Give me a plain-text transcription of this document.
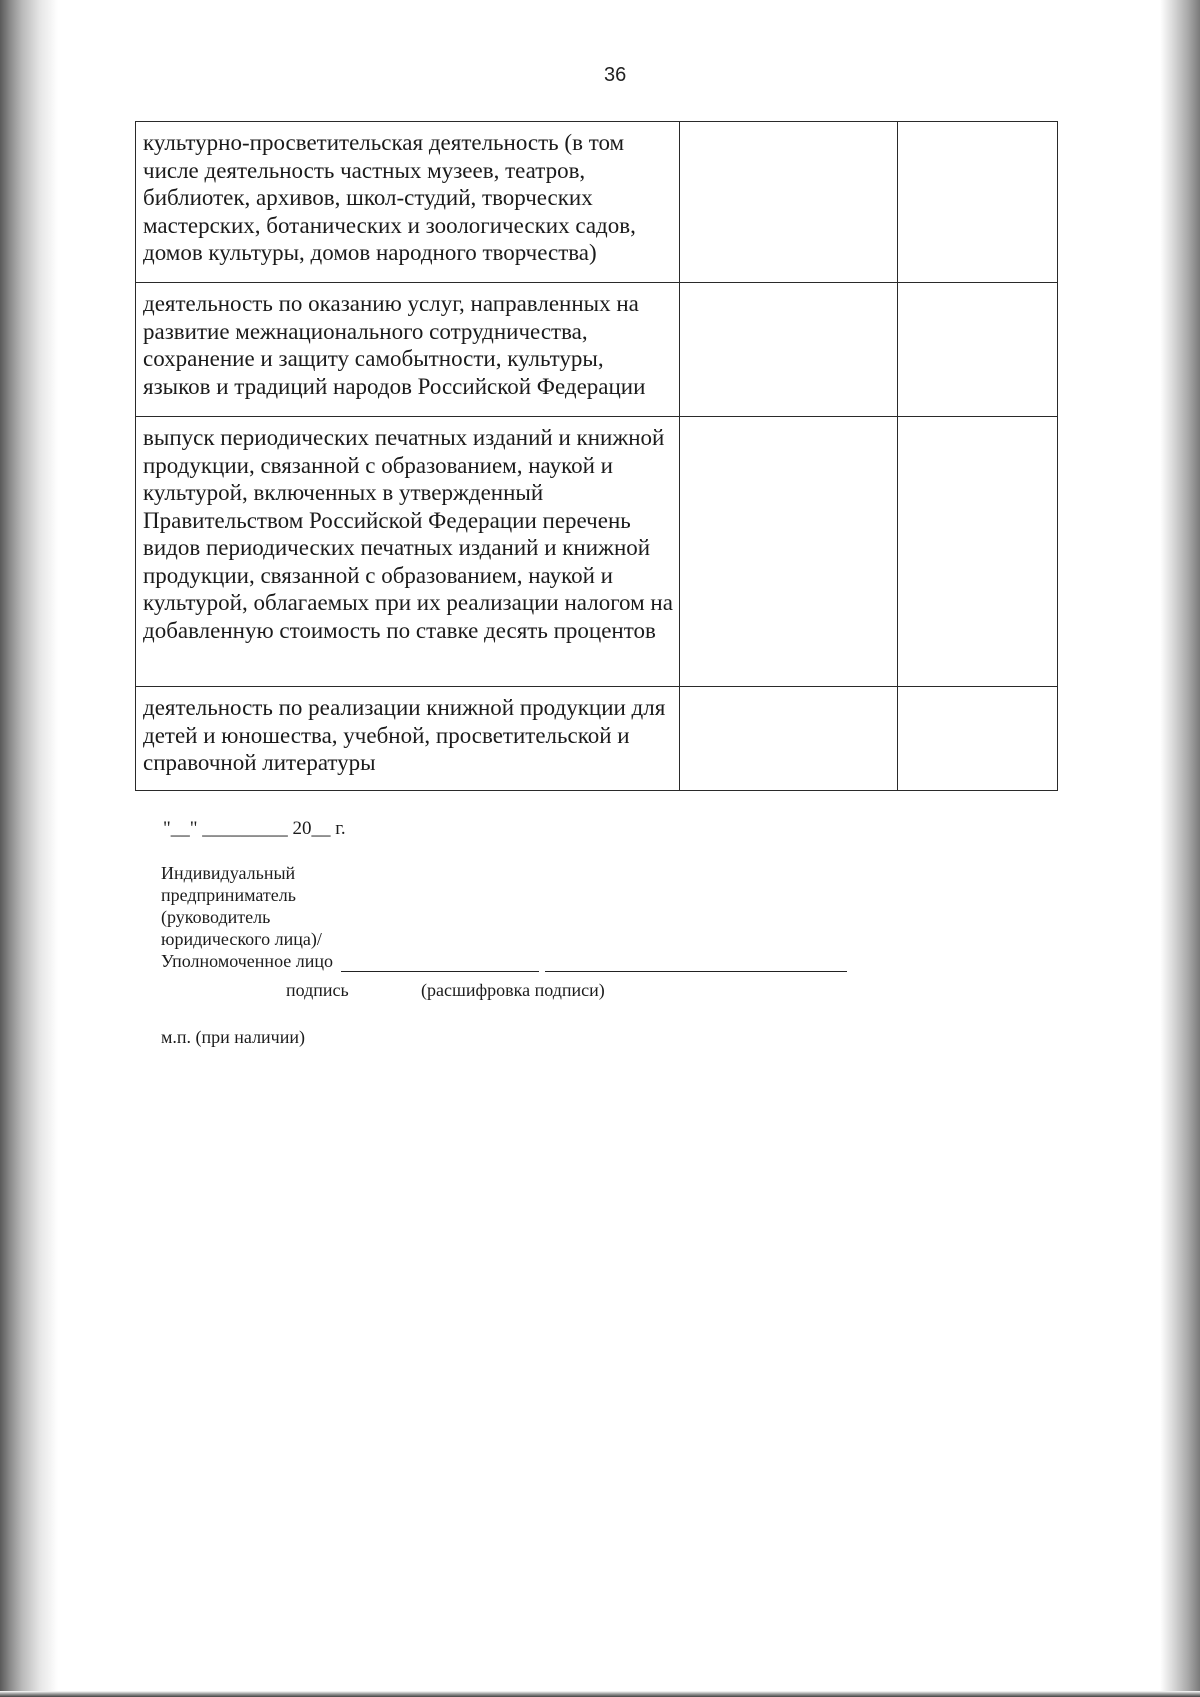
36
культурно-просветительская деятельность (в том числе деятельность частных музеев, театров, библиотек, архивов, школ-студий, творческих мастерских, ботанических и зоологических садов, домов культуры, домов народного творчества)		
деятельность по оказанию услуг, направленных на развитие межнационального сотрудничества, сохранение и защиту самобытности, культуры, языков и традиций народов Российской Федерации		
выпуск периодических печатных изданий и книжной продукции, связанной с образованием, наукой и культурой, включенных в утвержденный Правительством Российской Федерации перечень видов периодических печатных изданий и книжной продукции, связанной с образованием, наукой и культурой, облагаемых при их реализации налогом на добавленную стоимость по ставке десять процентов		
деятельность по реализации книжной продукции для детей и юношества, учебной, просветительской и справочной литературы		
"__" _________ 20__ г.
Индивидуальный
предприниматель
(руководитель
юридического лица)/
Уполномоченное лицо
подпись	(расшифровка подписи)
м.п. (при наличии)
